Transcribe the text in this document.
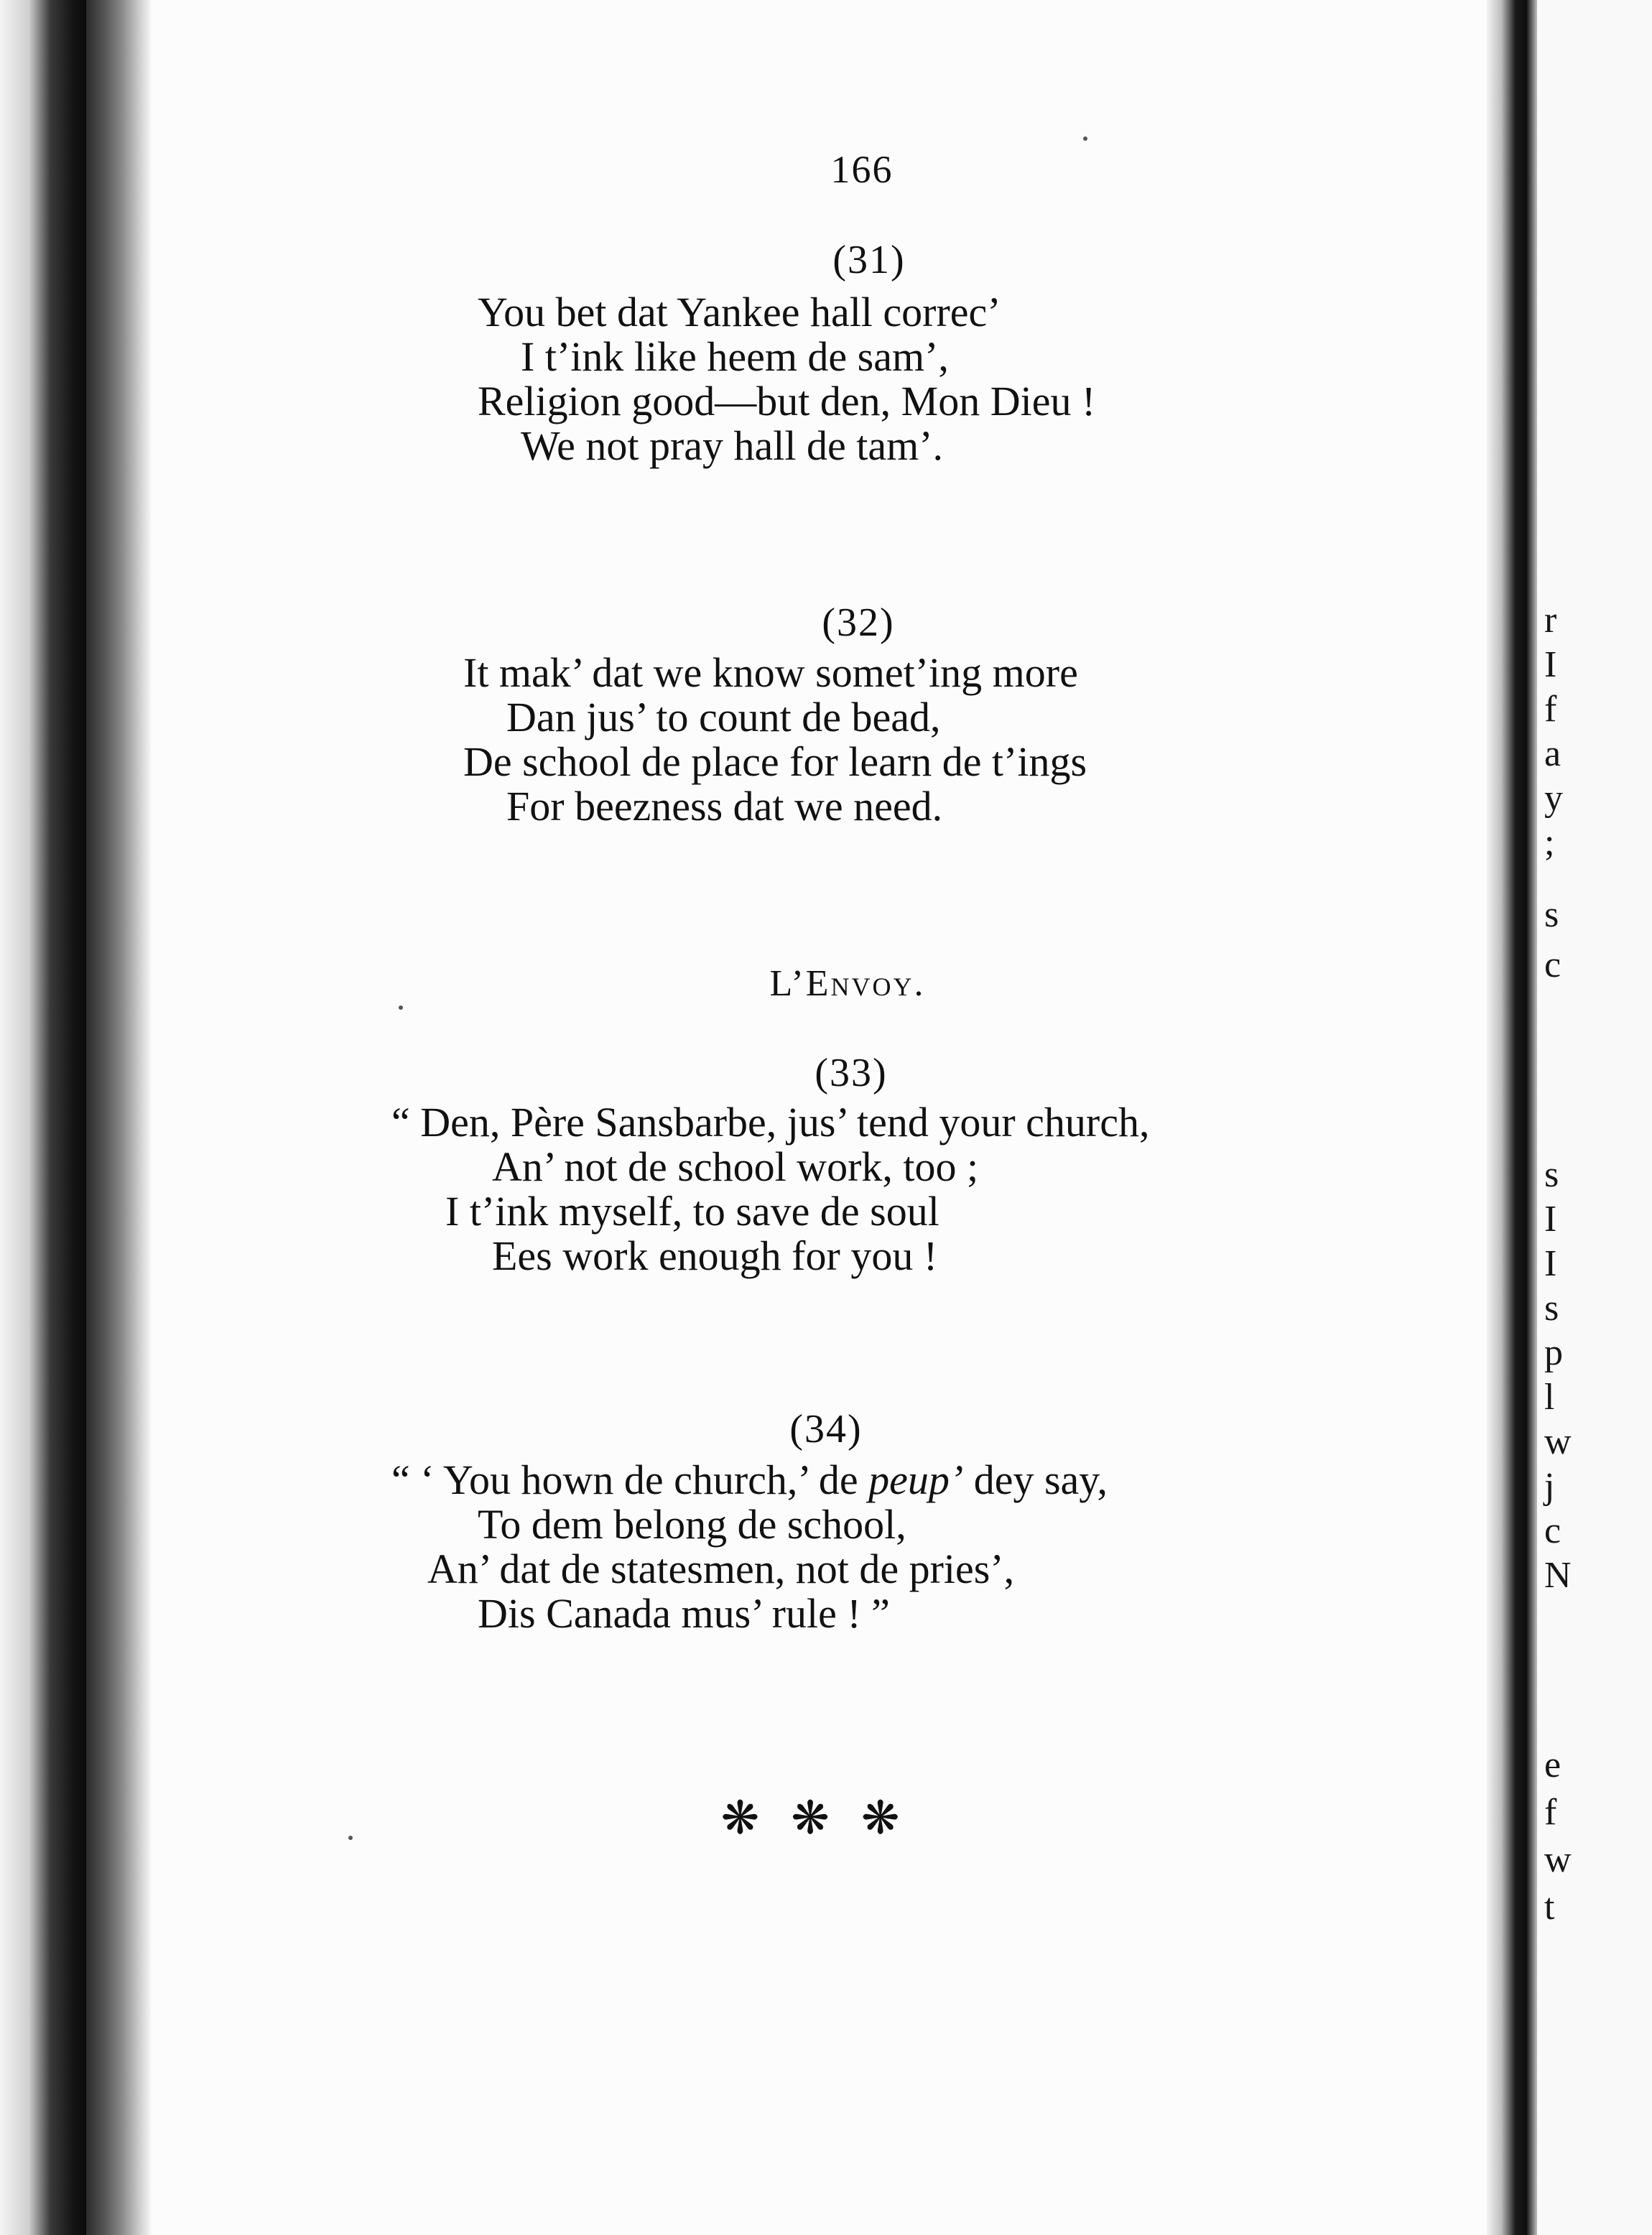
r
I
f
a
y
;
s
c
s
I
I
s
p
l
w
j
c
N
e
f
w
t
166
(31)
You bet dat Yankee hall correc’
I t’ink like heem de sam’,
Religion good—but den, Mon Dieu !
We not pray hall de tam’.
(32)
It mak’ dat we know somet’ing more
Dan jus’ to count de bead,
De school de place for learn de t’ings
For beezness dat we need.
L’Envoy.
(33)
“ Den, Père Sansbarbe, jus’ tend your church,
An’ not de school work, too ;
I t’ink myself, to save de soul
Ees work enough for you !
(34)
“ ‘ You hown de church,’ de peup’ dey say,
To dem belong de school,
An’ dat de statesmen, not de pries’,
Dis Canada mus’ rule ! ”
❋❋❋
